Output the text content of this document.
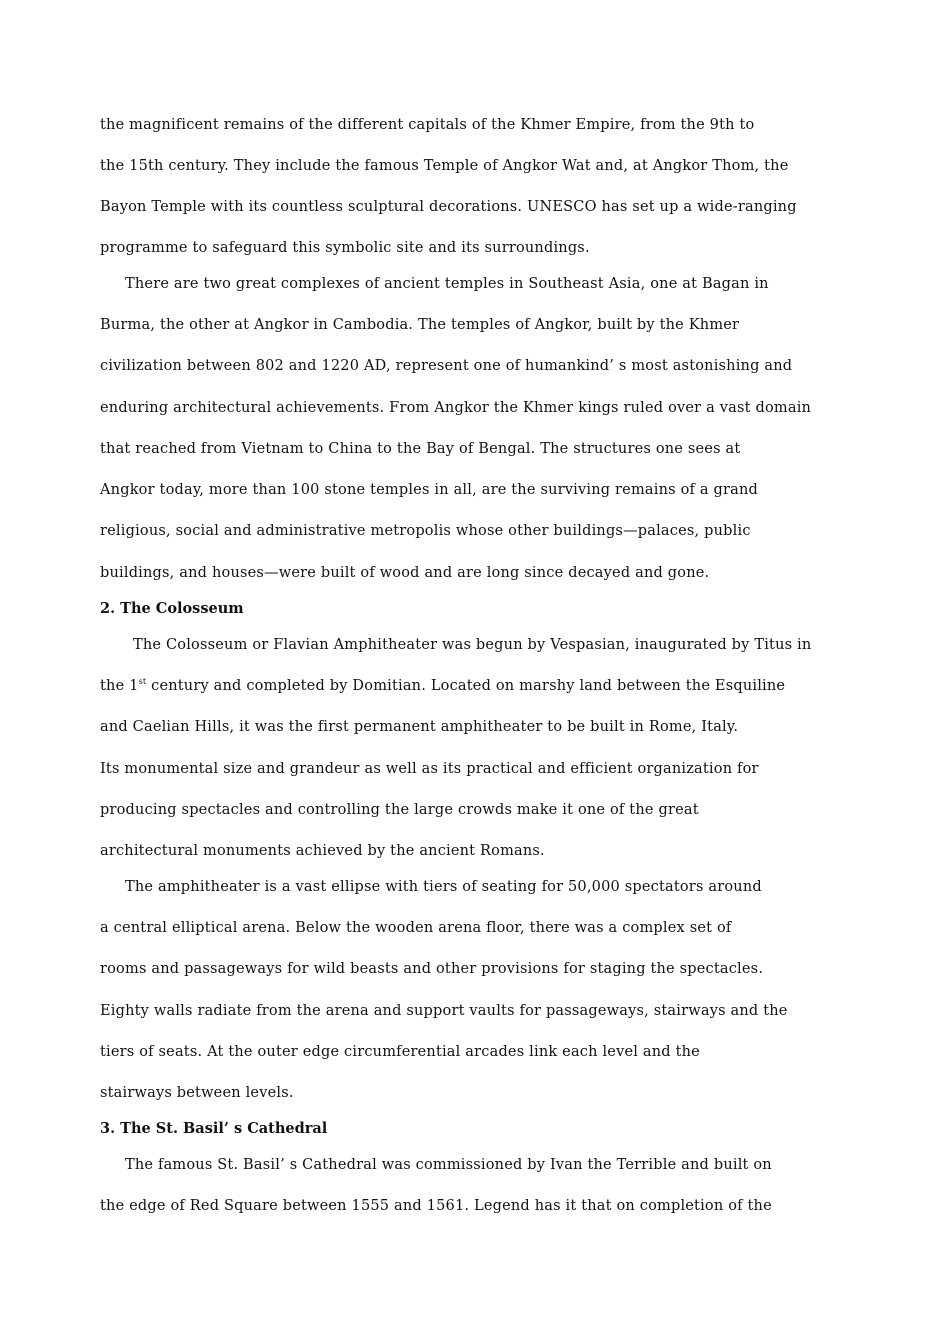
the magnificent remains of the different capitals of the Khmer Empire, from the 9th to
the 15th century. They include the famous Temple of Angkor Wat and, at Angkor Thom, the
Bayon Temple with its countless sculptural decorations. UNESCO has set up a wide-ranging
programme to safeguard this symbolic site and its surroundings.
There are two great complexes of ancient temples in Southeast Asia, one at Bagan in
Burma, the other at Angkor in Cambodia. The temples of Angkor, built by the Khmer
civilization between 802 and 1220 AD, represent one of humankind’ s most astonishing and
enduring architectural achievements. From Angkor the Khmer kings ruled over a vast domain
that reached from Vietnam to China to the Bay of Bengal. The structures one sees at
Angkor today, more than 100 stone temples in all, are the surviving remains of a grand
religious, social and administrative metropolis whose other buildings—palaces, public
buildings, and houses—were built of wood and are long since decayed and gone.
2. The Colosseum
The Colosseum or Flavian Amphitheater was begun by Vespasian, inaugurated by Titus in
the 1st century and completed by Domitian. Located on marshy land between the Esquiline
and Caelian Hills, it was the first permanent amphitheater to be built in Rome, Italy.
Its monumental size and grandeur as well as its practical and efficient organization for
producing spectacles and controlling the large crowds make it one of the great
architectural monuments achieved by the ancient Romans.
The amphitheater is a vast ellipse with tiers of seating for 50,000 spectators around
a central elliptical arena. Below the wooden arena floor, there was a complex set of
rooms and passageways for wild beasts and other provisions for staging the spectacles.
Eighty walls radiate from the arena and support vaults for passageways, stairways and the
tiers of seats. At the outer edge circumferential arcades link each level and the
stairways between levels.
3. The St. Basil’ s Cathedral
The famous St. Basil’ s Cathedral was commissioned by Ivan the Terrible and built on
the edge of Red Square between 1555 and 1561. Legend has it that on completion of the
